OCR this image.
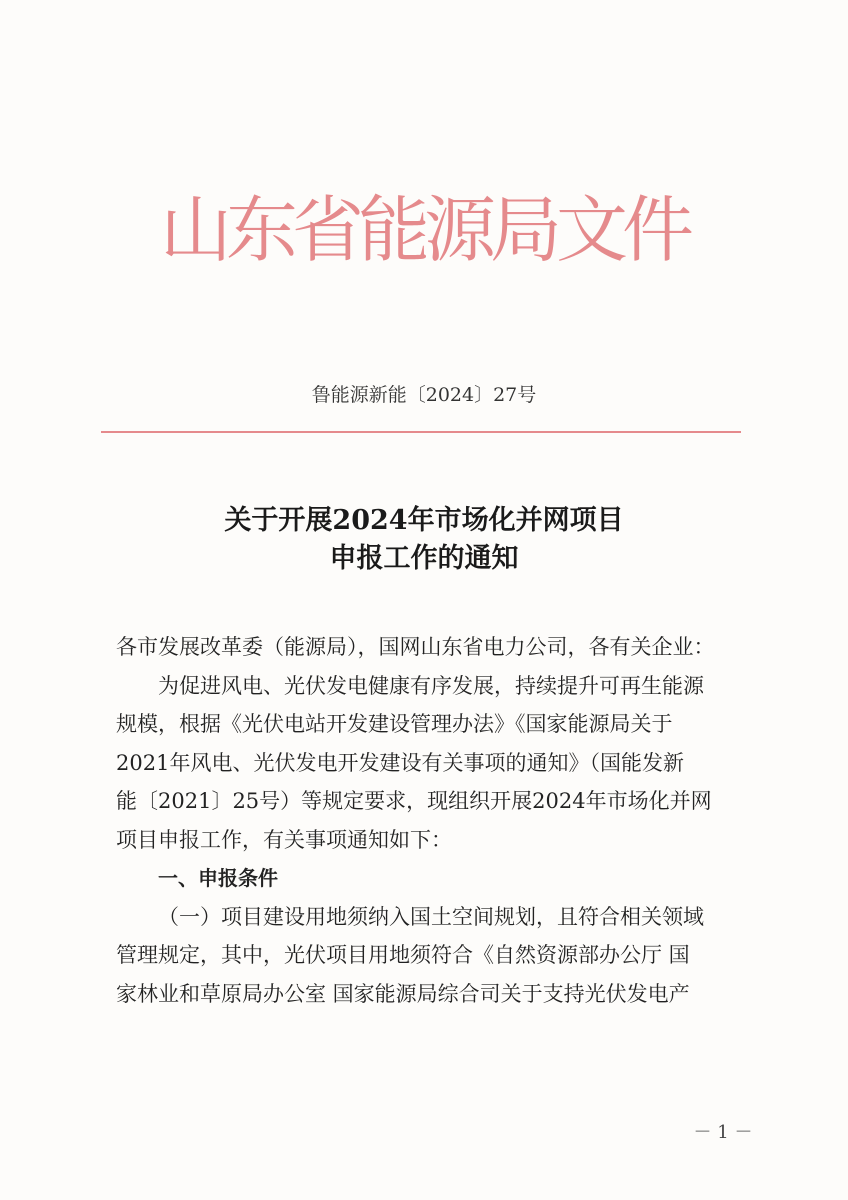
山东省能源局文件
鲁能源新能〔2024〕27号
关于开展2024年市场化并网项目
申报工作的通知

各市发展改革委（能源局），国网山东省电力公司，各有关企业：

为促进风电、光伏发电健康有序发展，持续提升可再生能源

规模，根据《光伏电站开发建设管理办法》《国家能源局关于

2021年风电、光伏发电开发建设有关事项的通知》（国能发新

能〔2021〕25号）等规定要求，现组织开展2024年市场化并网

项目申报工作，有关事项通知如下：

一、申报条件

（一）项目建设用地须纳入国土空间规划，且符合相关领域

管理规定，其中，光伏项目用地须符合《自然资源部办公厅 国

家林业和草原局办公室 国家能源局综合司关于支持光伏发电产

－ 1 －
